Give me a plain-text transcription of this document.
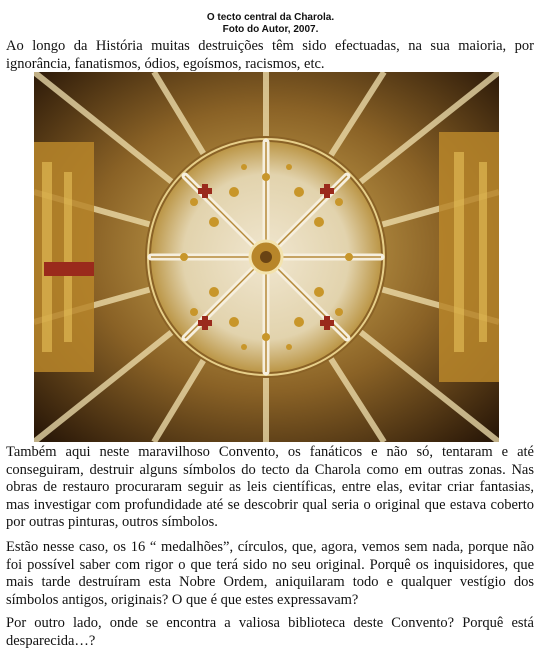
O tecto central da Charola.
Foto do Autor, 2007.

Ao longo da História muitas destruições têm sido efectuadas, na sua maioria, por ignorância, fanatismos, ódios, egoísmos, racismos, etc.

Também aqui neste maravilhoso Convento, os fanáticos e não só, tentaram e até conseguiram, destruir alguns símbolos do tecto da Charola como em outras zonas. Nas obras de restauro procuraram seguir as leis científicas, entre elas, evitar criar fantasias, mas investigar com profundidade até se descobrir qual seria o original que estava coberto por outras pinturas, outros símbolos.

Estão nesse caso, os 16 “ medalhões”, círculos, que, agora, vemos sem nada, porque não foi possível saber com rigor o que terá sido no seu original. Porquê os inquisidores, que mais tarde destruíram esta Nobre Ordem, aniquilaram todo e qualquer vestígio dos símbolos antigos, originais? O que é que estes expressavam?

Por outro lado, onde se encontra a valiosa biblioteca deste Convento? Porquê está desparecida…?
